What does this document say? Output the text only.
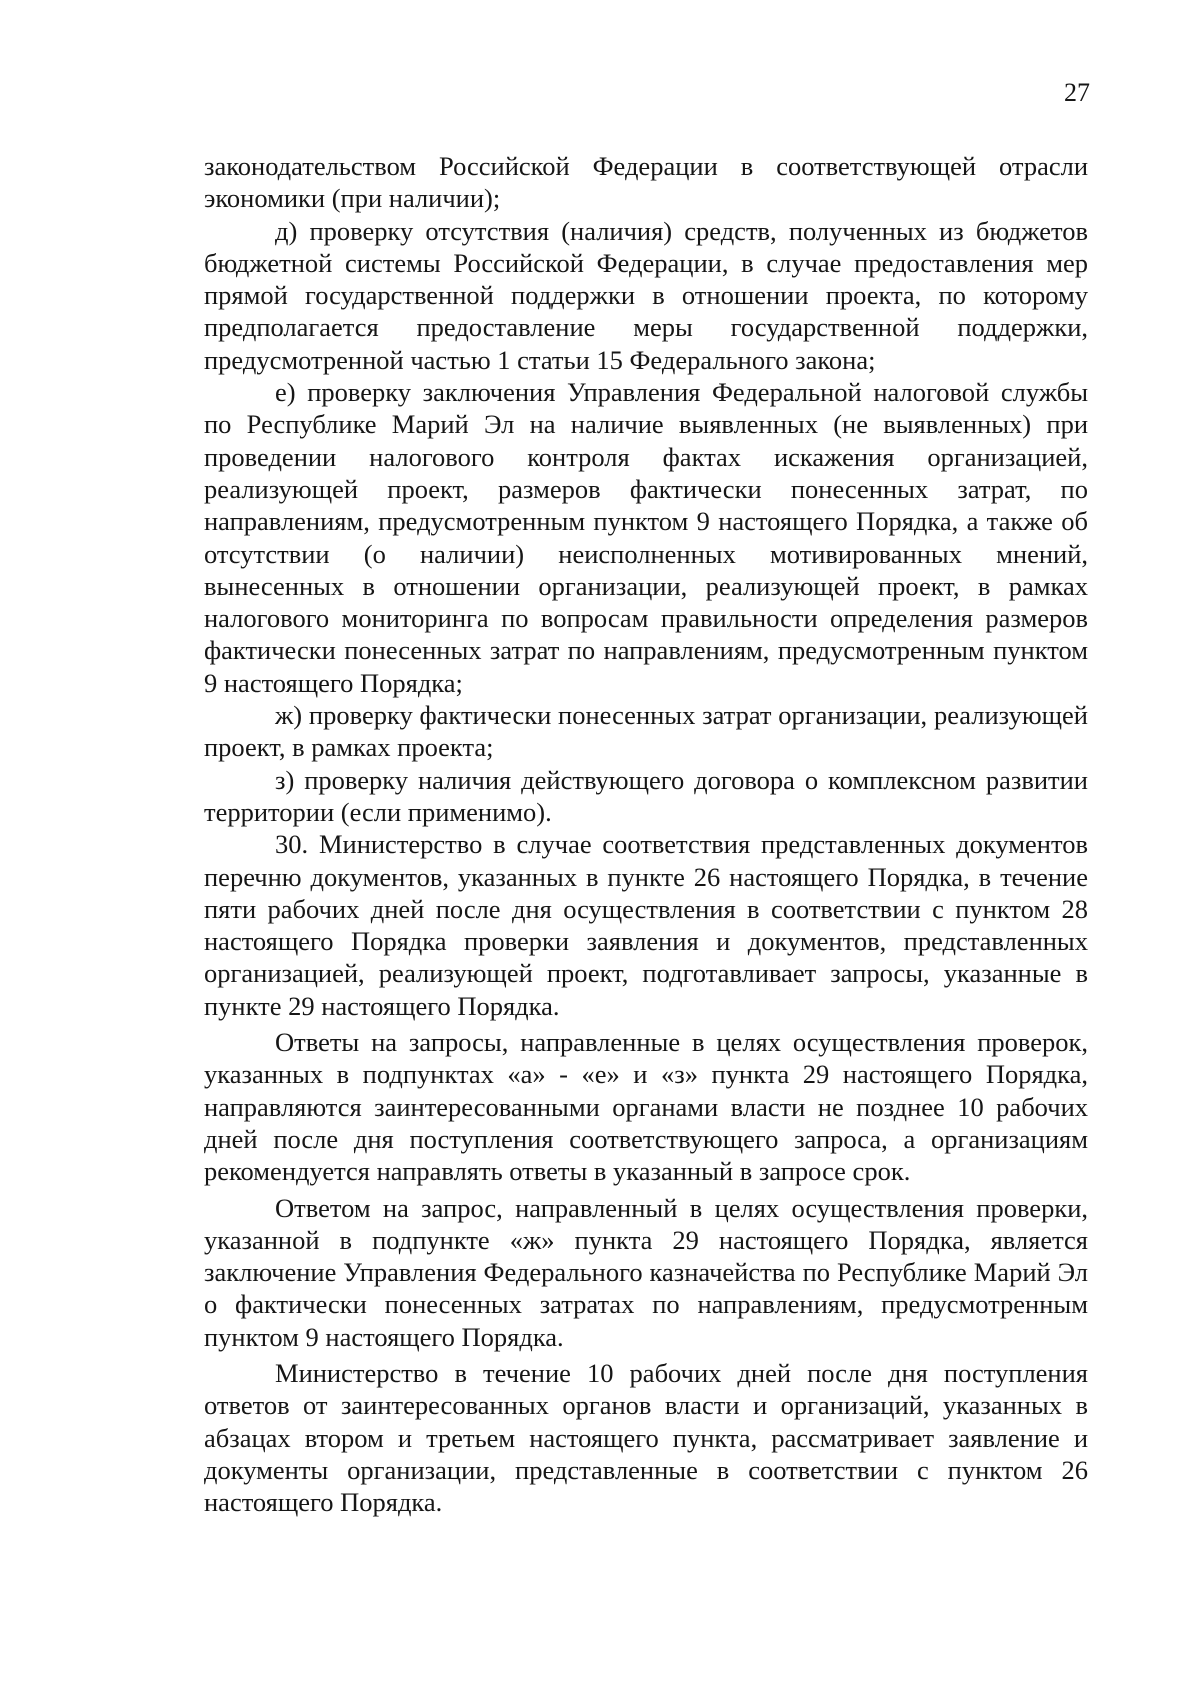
27

законодательством Российской Федерации в соответствующей отрасли экономики (при наличии);

д) проверку отсутствия (наличия) средств, полученных из бюджетов бюджетной системы Российской Федерации, в случае предоставления мер прямой государственной поддержки в отношении проекта, по которому предполагается предоставление меры государственной поддержки, предусмотренной частью 1 статьи 15 Федерального закона;

е) проверку заключения Управления Федеральной налоговой службы по Республике Марий Эл на наличие выявленных (не выявленных) при проведении налогового контроля фактах искажения организацией, реализующей проект, размеров фактически понесенных затрат, по направлениям, предусмотренным пунктом 9 настоящего Порядка, а также об отсутствии (о наличии) неисполненных мотивированных мнений, вынесенных в отношении организации, реализующей проект, в рамках налогового мониторинга по вопросам правильности определения размеров фактически понесенных затрат по направлениям, предусмотренным пунктом 9 настоящего Порядка;

ж) проверку фактически понесенных затрат организации, реализующей проект, в рамках проекта;

з) проверку наличия действующего договора о комплексном развитии территории (если применимо).

30. Министерство в случае соответствия представленных документов перечню документов, указанных в пункте 26 настоящего Порядка, в течение пяти рабочих дней после дня осуществления в соответствии с пунктом 28 настоящего Порядка проверки заявления и документов, представленных организацией, реализующей проект, подготавливает запросы, указанные в пункте 29 настоящего Порядка.

Ответы на запросы, направленные в целях осуществления проверок, указанных в подпунктах «а» - «е» и «з» пункта 29 настоящего Порядка, направляются заинтересованными органами власти не позднее 10 рабочих дней после дня поступления соответствующего запроса, а организациям рекомендуется направлять ответы в указанный в запросе срок.

Ответом на запрос, направленный в целях осуществления проверки, указанной в подпункте «ж» пункта 29 настоящего Порядка, является заключение Управления Федерального казначейства по Республике Марий Эл о фактически понесенных затратах по направлениям, предусмотренным пунктом 9 настоящего Порядка.

Министерство в течение 10 рабочих дней после дня поступления ответов от заинтересованных органов власти и организаций, указанных в абзацах втором и третьем настоящего пункта, рассматривает заявление и документы организации, представленные в соответствии с пунктом 26 настоящего Порядка.
